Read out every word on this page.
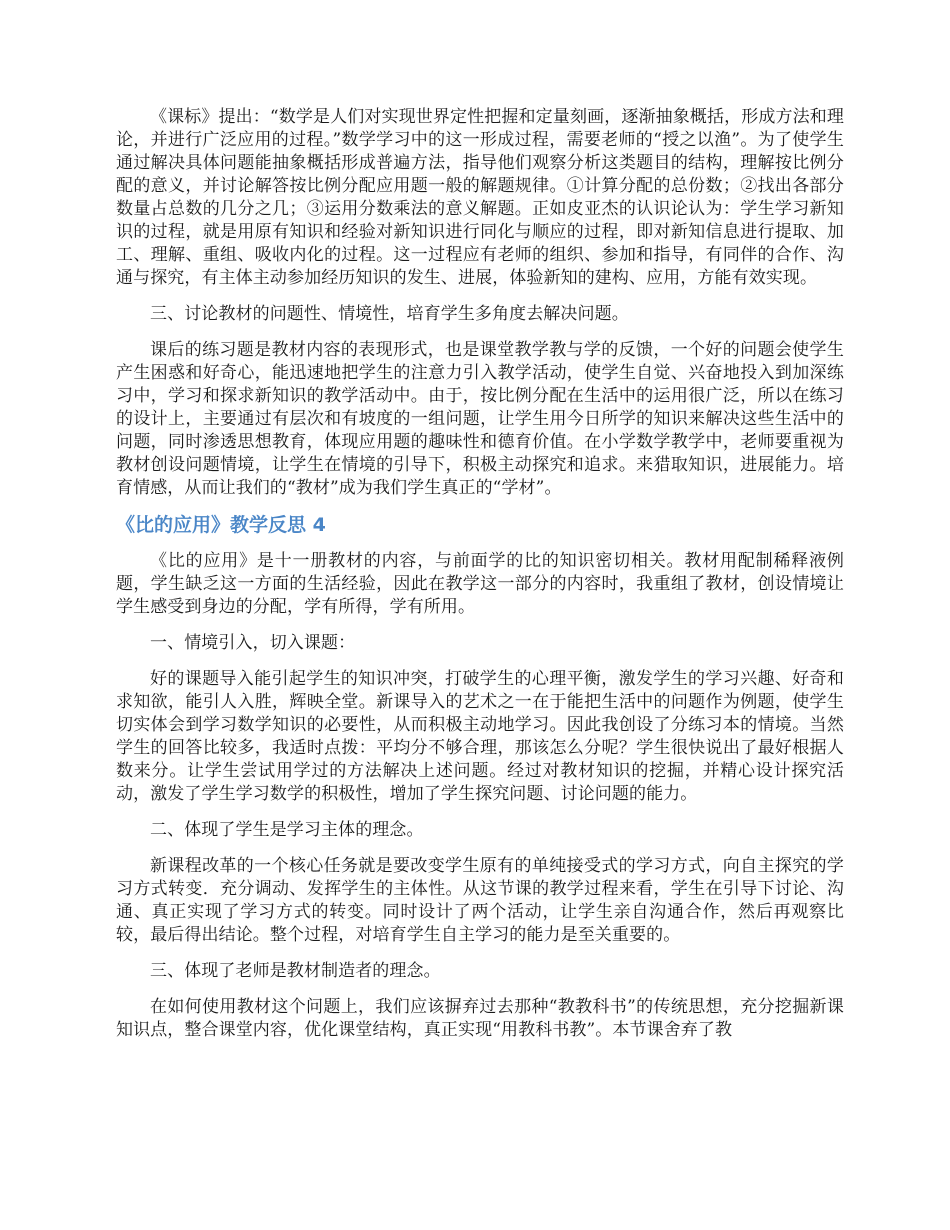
《课标》提出：“数学是人们对实现世界定性把握和定量刻画，逐渐抽象概括，形成方法和理论，并进行广泛应用的过程。”数学学习中的这一形成过程，需要老师的“授之以渔”。为了使学生通过解决具体问题能抽象概括形成普遍方法，指导他们观察分析这类题目的结构，理解按比例分配的意义，并讨论解答按比例分配应用题一般的解题规律。①计算分配的总份数；②找出各部分数量占总数的几分之几；③运用分数乘法的意义解题。正如皮亚杰的认识论认为：学生学习新知识的过程，就是用原有知识和经验对新知识进行同化与顺应的过程，即对新知信息进行提取、加工、理解、重组、吸收内化的过程。这一过程应有老师的组织、参加和指导，有同伴的合作、沟通与探究，有主体主动参加经历知识的发生、进展，体验新知的建构、应用，方能有效实现。

三、讨论教材的问题性、情境性，培育学生多角度去解决问题。

课后的练习题是教材内容的表现形式，也是课堂教学教与学的反馈，一个好的问题会使学生产生困惑和好奇心，能迅速地把学生的注意力引入教学活动，使学生自觉、兴奋地投入到加深练习中，学习和探求新知识的教学活动中。由于，按比例分配在生活中的运用很广泛，所以在练习的设计上，主要通过有层次和有坡度的一组问题，让学生用今日所学的知识来解决这些生活中的问题，同时渗透思想教育，体现应用题的趣味性和德育价值。在小学数学教学中，老师要重视为教材创设问题情境，让学生在情境的引导下，积极主动探究和追求。来猎取知识，进展能力。培育情感，从而让我们的“教材”成为我们学生真正的“学材”。

《比的应用》教学反思 4

《比的应用》是十一册教材的内容，与前面学的比的知识密切相关。教材用配制稀释液例题，学生缺乏这一方面的生活经验，因此在教学这一部分的内容时，我重组了教材，创设情境让学生感受到身边的分配，学有所得，学有所用。

一、情境引入，切入课题：

好的课题导入能引起学生的知识冲突，打破学生的心理平衡，激发学生的学习兴趣、好奇和求知欲，能引人入胜，辉映全堂。新课导入的艺术之一在于能把生活中的问题作为例题，使学生切实体会到学习数学知识的必要性，从而积极主动地学习。因此我创设了分练习本的情境。当然学生的回答比较多，我适时点拨：平均分不够合理，那该怎么分呢？学生很快说出了最好根据人数来分。让学生尝试用学过的方法解决上述问题。经过对教材知识的挖掘，并精心设计探究活动，激发了学生学习数学的积极性，增加了学生探究问题、讨论问题的能力。

二、体现了学生是学习主体的理念。

新课程改革的一个核心任务就是要改变学生原有的单纯接受式的学习方式，向自主探究的学习方式转变．充分调动、发挥学生的主体性。从这节课的教学过程来看，学生在引导下讨论、沟通、真正实现了学习方式的转变。同时设计了两个活动，让学生亲自沟通合作，然后再观察比较，最后得出结论。整个过程，对培育学生自主学习的能力是至关重要的。

三、体现了老师是教材制造者的理念。

在如何使用教材这个问题上，我们应该摒弃过去那种“教教科书”的传统思想，充分挖掘新课知识点，整合课堂内容，优化课堂结构，真正实现“用教科书教”。本节课舍弃了教
